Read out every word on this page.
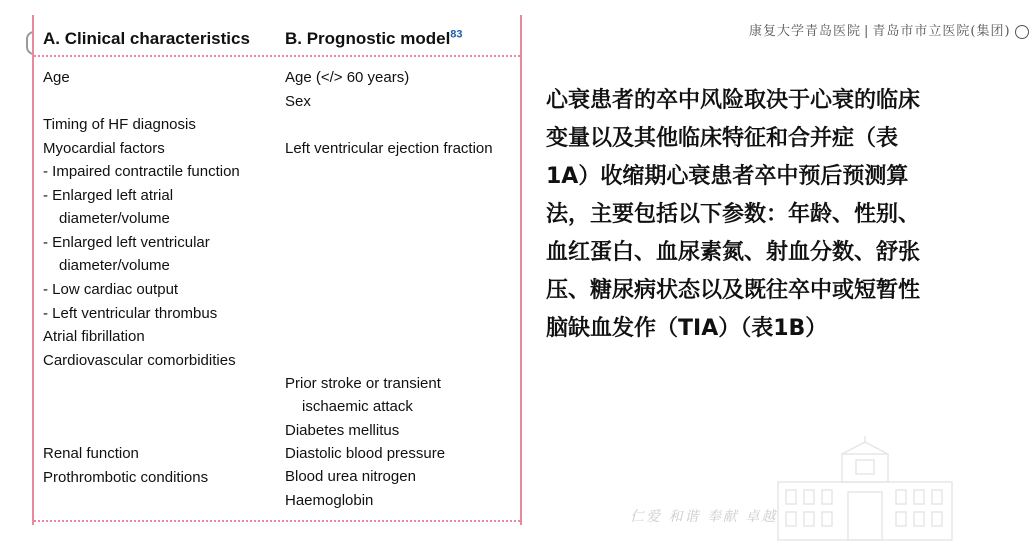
A. Clinical characteristics B. Prognostic model$^{83}$
Age
Timing of HF diagnosis
Myocardial factors
- Impaired contractile function
- Enlarged left atrial diameter/volume
- Enlarged left ventricular diameter/volume
- Low cardiac output
- Left ventricular thrombus
Atrial fibrillation
Cardiovascular comorbidities
Renal function
Prothrombotic conditions
Age (</> 60 years)
Sex
Left ventricular ejection fraction
Prior stroke or transient ischaemic attack
Diabetes mellitus
Diastolic blood pressure
Blood urea nitrogen
Haemoglobin
心衰患者的卒中风险取决于心衰的临床变量以及其他临床特征和合并症（表1A）收缩期心衰患者卒中预后预测算法，主要包括以下参数：年龄、性别、血红蛋白、血尿素氮、射血分数、舒张压、糖尿病状态以及既往卒中或短暂性脑缺血发作（TIA）（表1B）
康复大学青岛医院 | 青岛市市立医院(集团)
仁爱 和谐 奉献 卓越
